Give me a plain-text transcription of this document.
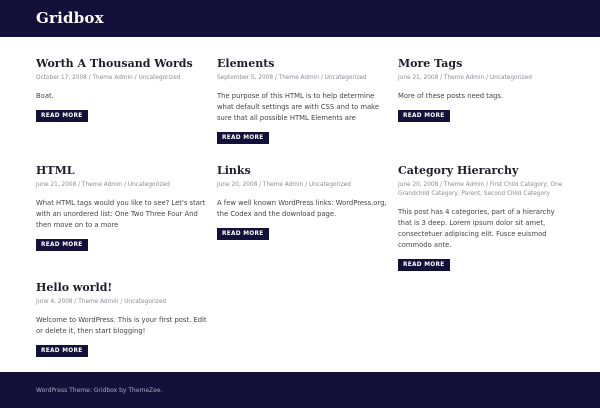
Gridbox
Worth A Thousand Words
October 17, 2008 / Theme Admin / Uncategorized
Boat.
READ MORE
Elements
September 5, 2008 / Theme Admin / Uncategorized
The purpose of this HTML is to help determine what default settings are with CSS and to make sure that all possible HTML Elements are
READ MORE
More Tags
June 21, 2008 / Theme Admin / Uncategorized
More of these posts need tags.
READ MORE
HTML
June 21, 2008 / Theme Admin / Uncategorized
What HTML tags would you like to see? Let's start with an unordered list: One Two Three Four And then move on to a more
READ MORE
Links
June 20, 2008 / Theme Admin / Uncategorized
A few well known WordPress links: WordPress.org, the Codex and the download page.
READ MORE
Category Hierarchy
June 20, 2008 / Theme Admin / First Child Category, One Grandchild Category, Parent, Second Child Category
This post has 4 categories, part of a hierarchy that is 3 deep. Lorem ipsum dolor sit amet, consectetuer adipiscing elit. Fusce euismod commodo ante.
READ MORE
Hello world!
June 4, 2008 / Theme Admin / Uncategorized
Welcome to WordPress. This is your first post. Edit or delete it, then start blogging!
READ MORE
WordPress Theme: Gridbox by ThemeZee.
